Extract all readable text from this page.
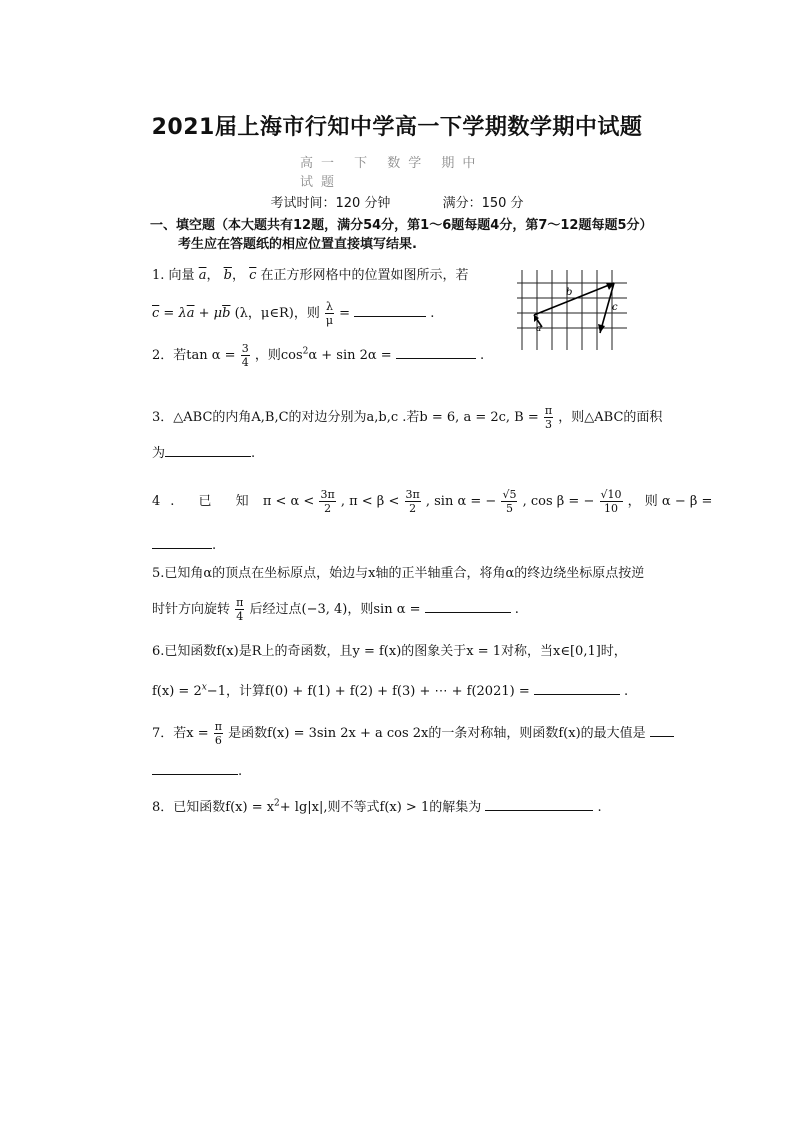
2021届上海市行知中学高一下学期数学期中试题
高一 下 数学 期中 试题
考试时间：120 分钟	满分：150 分
一、填空题（本大题共有12题，满分54分，第1～6题每题4分，第7～12题每题5分）
考生应在答题纸的相应位置直接填写结果.
1. 向量 $\overline{a}$， $\overline{b}$， $\overline{c}$ 在正方形网格中的位置如图所示，若
$\overline{c} = \lambda\overline{a} + \mu\overline{b}$ (λ，μ∈R)，则 $\frac{\lambda}{\mu}$ =	.
b
c
a
2．若$\tan \alpha = \frac{3}{4}$ ，则$\cos^2\alpha + \sin 2\alpha$ =	.
3．△ABC的内角A,B,C的对边分别为a,b,c .若b = 6, a = 2c, $B = \frac{\pi}{3}$ ，则△ABC的面积
为	.
4. 已 知 $\pi < \alpha < \frac{3\pi}{2}$ , $\pi < \beta < \frac{3\pi}{2}$ , sin α = − $\frac{√5}{5}$ , cos β = − $\frac{√10}{10}$ ， 则 α − β =
.
5.已知角α的顶点在坐标原点，始边与x轴的正半轴重合，将角α的终边绕坐标原点按逆
时针方向旋转 $\frac{\pi}{4}$ 后经过点(−3, 4)，则sin α =	.
6.已知函数f(x)是R上的奇函数，且y = f(x)的图象关于x = 1对称，当x∈[0,1]时，
$f(x) = 2^x-1$，计算f(0) + f(1) + f(2) + f(3) + ⋯ + f(2021) =	.
7．若$x = \frac{\pi}{6}$ 是函数f(x) = 3sin 2x + a cos 2x的一条对称轴，则函数f(x)的最大值是
.
8．已知函数$f(x) = x^2+ \lg|x|$,则不等式f(x) > 1的解集为	.
